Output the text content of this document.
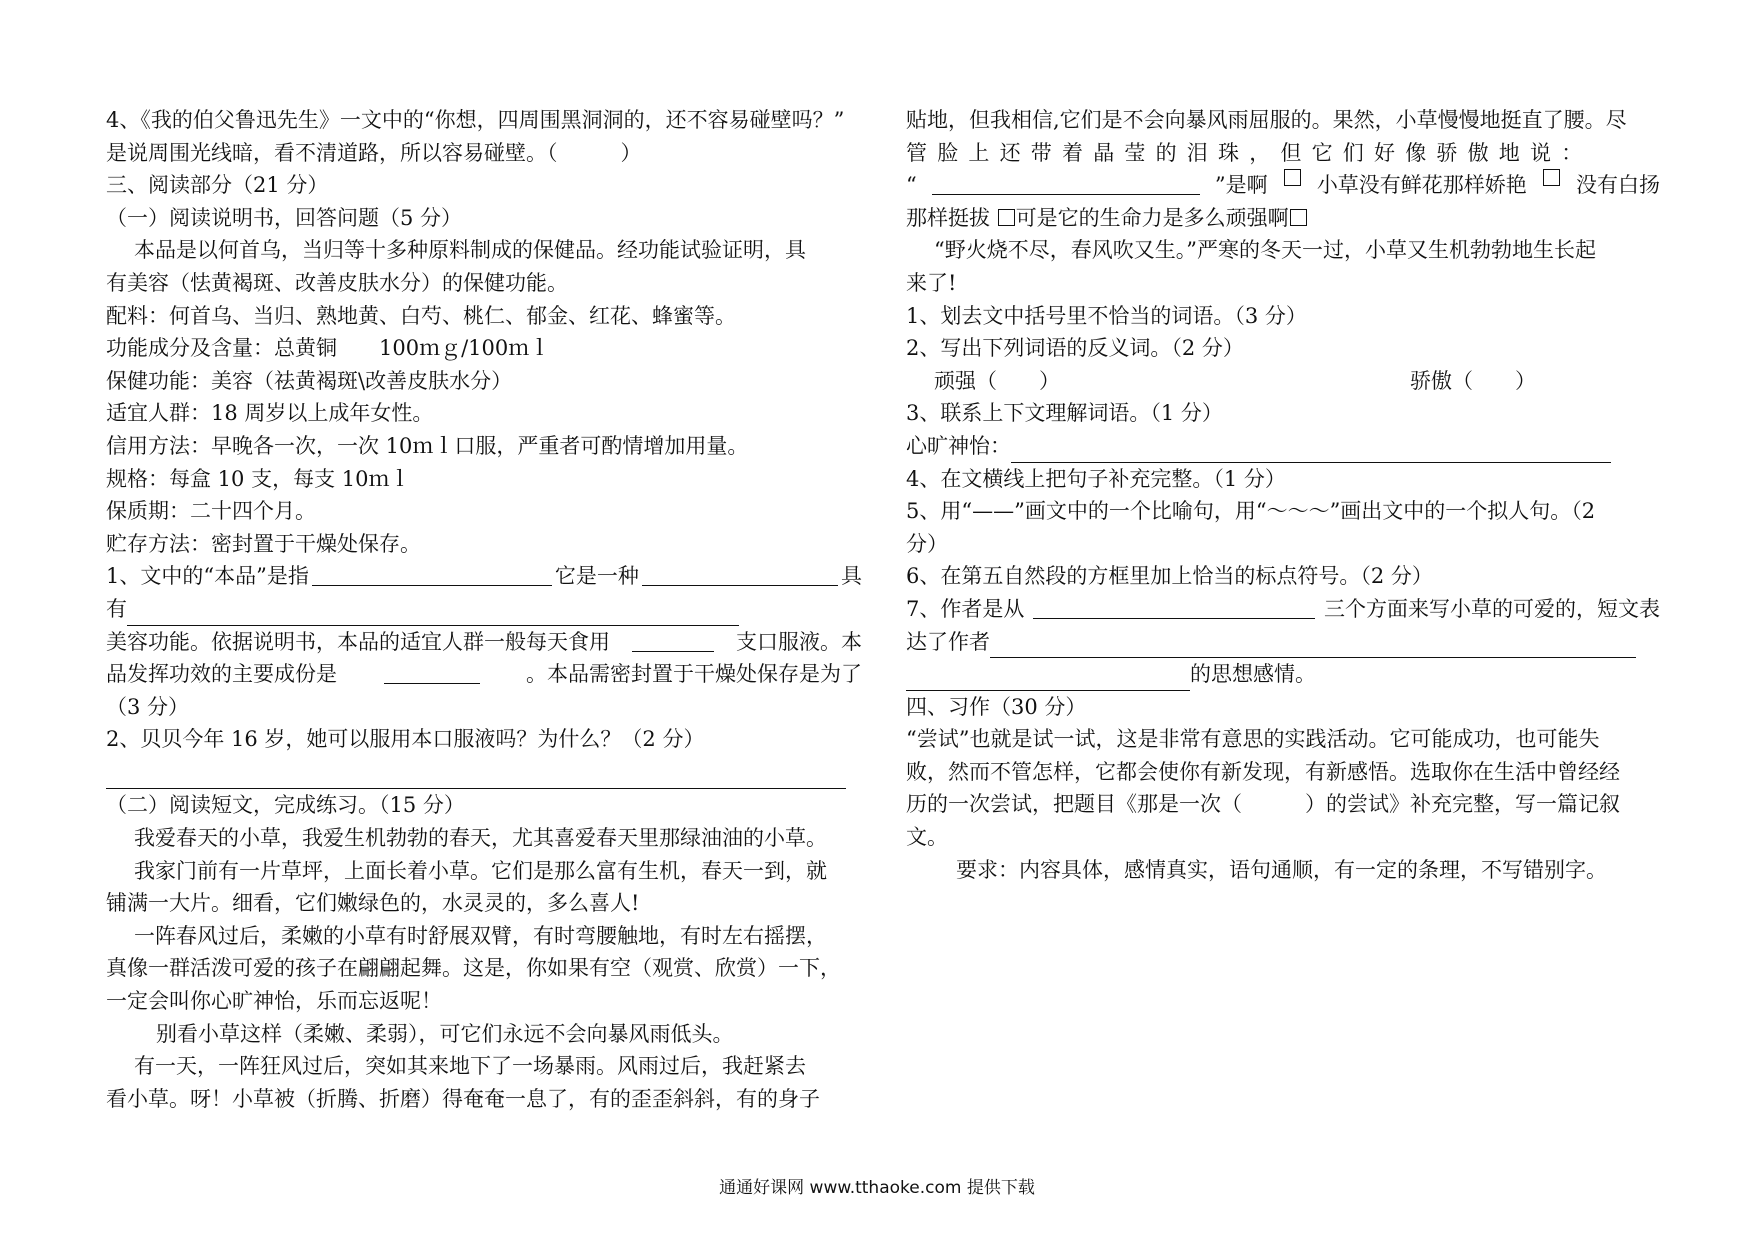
4、《我的伯父鲁迅先生》一文中的“你想，四周围黑洞洞的，还不容易碰壁吗？”
是说周围光线暗，看不清道路，所以容易碰壁。（　　　）
三、阅读部分（21 分）
（一）阅读说明书，回答问题（5 分）
本品是以何首乌，当归等十多种原料制成的保健品。经功能试验证明，具
有美容（怯黄褐斑、改善皮肤水分）的保健功能。
配料：何首乌、当归、熟地黄、白芍、桃仁、郁金、红花、蜂蜜等。
功能成分及含量：总黄铜　　100ｍｇ/100ｍｌ
保健功能：美容（祛黄褐斑\改善皮肤水分）
适宜人群：18 周岁以上成年女性。
信用方法：早晚各一次，一次 10ｍｌ口服，严重者可酌情增加用量。
规格：每盒 10 支，每支 10ｍｌ
保质期：二十四个月。
贮存方法：密封置于干燥处保存。
1、文中的“本品”是指	它是一种	具
有
美容功能。依据说明书，本品的适宜人群一般每天食用	支口服液。本
品发挥功效的主要成份是	。本品需密封置于干燥处保存是为了
（3 分）
2、贝贝今年 16 岁，她可以服用本口服液吗？为什么？（2 分）
（二）阅读短文，完成练习。（15 分）
我爱春天的小草，我爱生机勃勃的春天，尤其喜爱春天里那绿油油的小草。
我家门前有一片草坪，上面长着小草。它们是那么富有生机，春天一到，就
铺满一大片。细看，它们嫩绿色的，水灵灵的，多么喜人!
一阵春风过后，柔嫩的小草有时舒展双臂，有时弯腰触地，有时左右摇摆，
真像一群活泼可爱的孩子在翩翩起舞。这是，你如果有空（观赏、欣赏）一下，
一定会叫你心旷神怡，乐而忘返呢！
别看小草这样（柔嫩、柔弱），可它们永远不会向暴风雨低头。
有一天，一阵狂风过后，突如其来地下了一场暴雨。风雨过后，我赶紧去
看小草。呀！小草被（折腾、折磨）得奄奄一息了，有的歪歪斜斜，有的身子
贴地，但我相信,它们是不会向暴风雨屈服的。果然，小草慢慢地挺直了腰。尽
管脸上还带着晶莹的泪珠，但它们好像骄傲地说：
“	”是啊 小草没有鲜花那样娇艳 没有白扬
那样挺拔 可是它的生命力是多么顽强啊
“野火烧不尽，春风吹又生。”严寒的冬天一过，小草又生机勃勃地生长起
来了!
1、划去文中括号里不恰当的词语。（3 分）
2、写出下列词语的反义词。（2 分）
顽强（　　）	骄傲（　　）
3、联系上下文理解词语。（1 分）
心旷神怡：
4、在文横线上把句子补充完整。（1 分）
5、用“——”画文中的一个比喻句，用“～～～”画出文中的一个拟人句。（2
分）
6、在第五自然段的方框里加上恰当的标点符号。（2 分）
7、作者是从	三个方面来写小草的可爱的，短文表
达了作者
的思想感情。
四、习作（30 分）
“尝试”也就是试一试，这是非常有意思的实践活动。它可能成功，也可能失
败，然而不管怎样，它都会使你有新发现，有新感悟。选取你在生活中曾经经
历的一次尝试，把题目《那是一次（　　　）的尝试》补充完整，写一篇记叙
文。
要求：内容具体，感情真实，语句通顺，有一定的条理，不写错别字。
通通好课网 www.tthaoke.com 提供下载
